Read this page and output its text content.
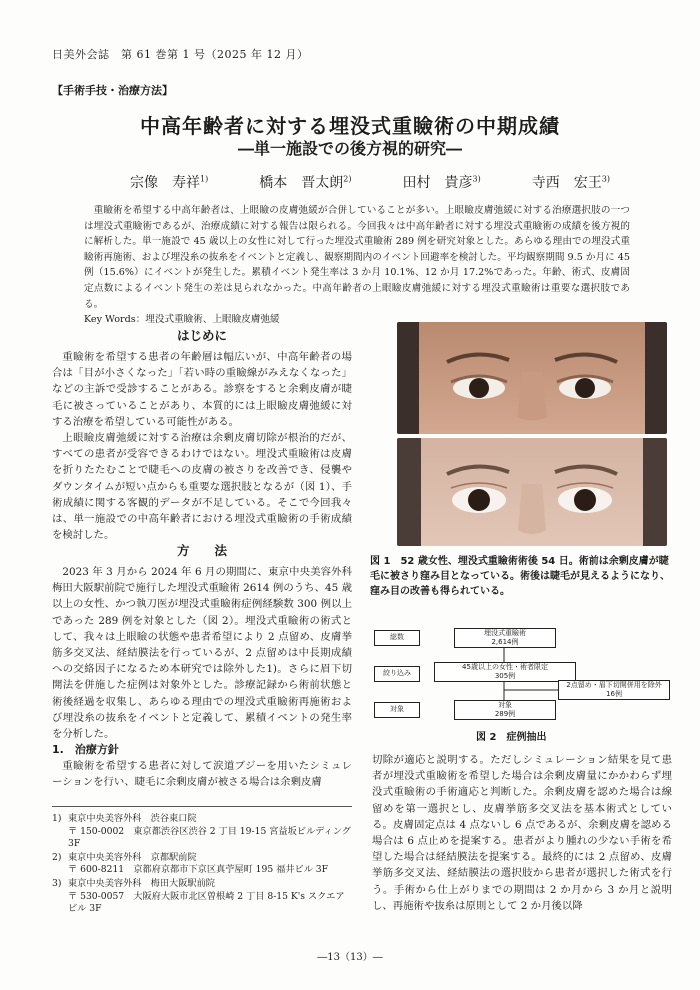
日美外会誌　第 61 巻第 1 号（2025 年 12 月）
【手術手技・治療方法】
中高年齢者に対する埋没式重瞼術の中期成績
―単一施設での後方視的研究―
宗像　寿祥$^{1)}$	橋本　晋太朗$^{2)}$	田村　貴彦$^{3)}$	寺西　宏王$^{3)}$
重瞼術を希望する中高年齢者は、上眼瞼の皮膚弛緩が合併していることが多い。上眼瞼皮膚弛緩に対する治療選択肢の一つは埋没式重瞼術であるが、治療成績に対する報告は限られる。今回我々は中高年齢者に対する埋没式重瞼術の成績を後方視的に解析した。単一施設で 45 歳以上の女性に対して行った埋没式重瞼術 289 例を研究対象とした。あらゆる理由での埋没式重瞼術再施術、および埋没糸の抜糸をイベントと定義し、観察期間内のイベント回避率を検討した。平均観察期間 9.5 か月に 45 例（15.6%）にイベントが発生した。累積イベント発生率は 3 か月 10.1%、12 か月 17.2%であった。年齢、術式、皮膚固定点数によるイベント発生の差は見られなかった。中高年齢者の上眼瞼皮膚弛緩に対する埋没式重瞼術は重要な選択肢である。
Key Words：埋没式重瞼術、上眼瞼皮膚弛緩
はじめに

重瞼術を希望する患者の年齢層は幅広いが、中高年齢者の場合は「目が小さくなった」「若い時の重瞼線がみえなくなった」などの主訴で受診することがある。診察をすると余剰皮膚が睫毛に被さっていることがあり、本質的には上眼瞼皮膚弛緩に対する治療を希望している可能性がある。

上眼瞼皮膚弛緩に対する治療は余剰皮膚切除が根治的だが、すべての患者が受容できるわけではない。埋没式重瞼術は皮膚を折りたたむことで睫毛への皮膚の被さりを改善でき、侵襲やダウンタイムが短い点からも重要な選択肢となるが（図 1）、手術成績に関する客観的データが不足している。そこで今回我々は、単一施設での中高年齢者における埋没式重瞼術の手術成績を検討した。

方　　法

2023 年 3 月から 2024 年 6 月の期間に、東京中央美容外科梅田大阪駅前院で施行した埋没式重瞼術 2614 例のうち、45 歳以上の女性、かつ執刀医が埋没式重瞼術症例経験数 300 例以上であった 289 例を対象とした（図 2）。埋没式重瞼術の術式として、我々は上眼瞼の状態や患者希望により 2 点留め、皮膚挙筋多交叉法、経結膜法を行っているが、2 点留めは中長期成績への交絡因子になるため本研究では除外した1)。さらに眉下切開法を併施した症例は対象外とした。診療記録から術前状態と術後経過を収集し、あらゆる理由での埋没式重瞼術再施術および埋没糸の抜糸をイベントと定義して、累積イベントの発生率を分析した。

1.　治療方針

重瞼術を希望する患者に対して涙道ブジーを用いたシミュレーションを行い、睫毛に余剰皮膚が被さる場合は余剰皮膚

1) 東京中央美容外科　渋谷東口院
〒 150-0002　東京都渋谷区渋谷 2 丁目 19-15 宮益坂ビルディング 3F
2) 東京中央美容外科　京都駅前院
〒 600-8211　京都府京都市下京区真苧屋町 195 福井ビル 3F
3) 東京中央美容外科　梅田大阪駅前院
〒 530-0057　大阪府大阪市北区曽根崎 2 丁目 8-15 K's スクエアビル 3F
図 1　52 歳女性、埋没式重瞼術術後 54 日。術前は余剰皮膚が睫毛に被さり窪み目となっている。術後は睫毛が見えるようになり、窪み目の改善も得られている。
総数
絞り込み
対象
埋没式重瞼術
2,614例
45歳以上の女性・術者限定
305例
2点留め・眉下切開併用を除外
16例
対象
289例
図 2　症例抽出
切除が適応と説明する。ただしシミュレーション結果を見て患者が埋没式重瞼術を希望した場合は余剰皮膚量にかかわらず埋没式重瞼術の手術適応と判断した。余剰皮膚を認めた場合は線留めを第一選択とし、皮膚挙筋多交叉法を基本術式としている。皮膚固定点は 4 点ないし 6 点であるが、余剰皮膚を認める場合は 6 点止めを提案する。患者がより腫れの少ない手術を希望した場合は経結膜法を提案する。最終的には 2 点留め、皮膚挙筋多交叉法、経結膜法の選択肢から患者が選択した術式を行う。手術から仕上がりまでの期間は 2 か月から 3 か月と説明し、再施術や抜糸は原則として 2 か月後以降
―13（13）―
